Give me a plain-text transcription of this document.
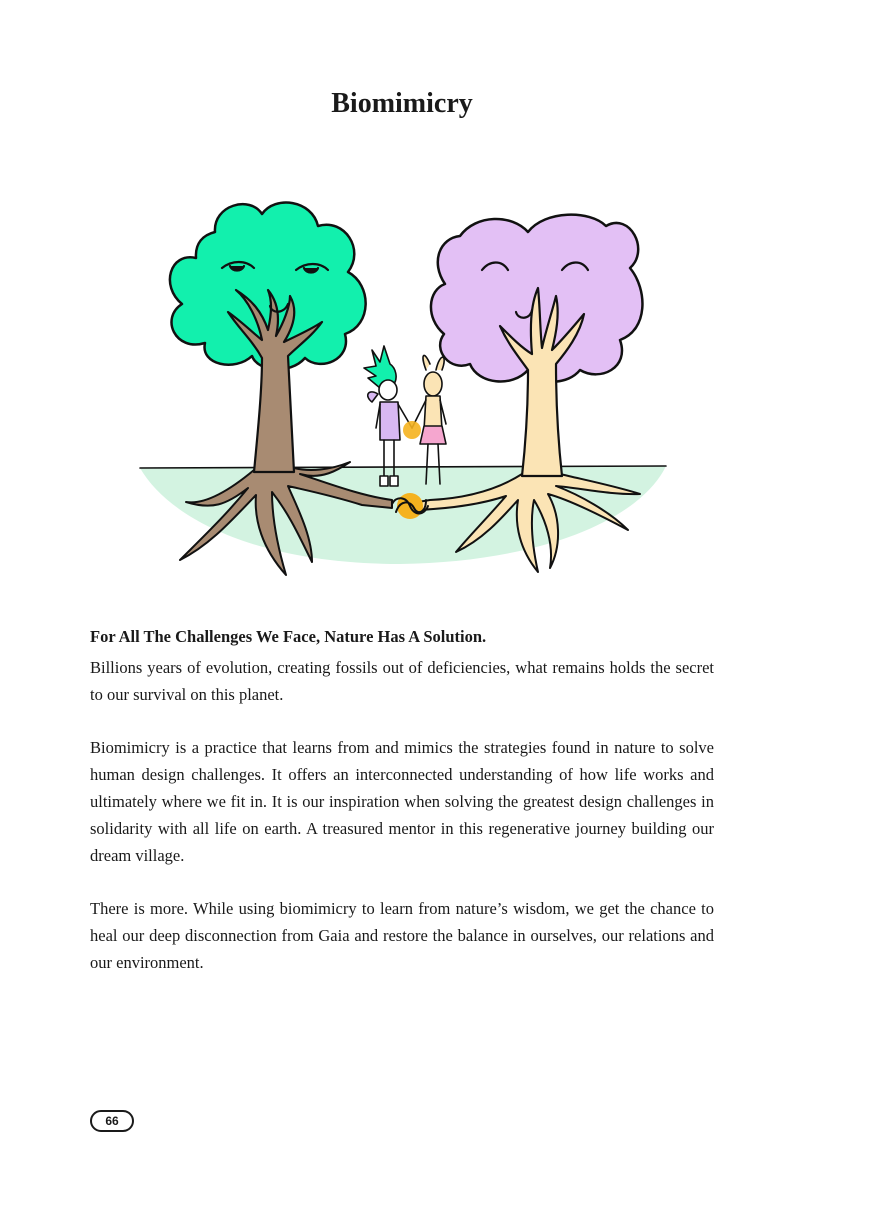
Biomimicry
For All The Challenges We Face, Nature Has A Solution.

Billions years of evolution, creating fossils out of deficiencies, what remains holds the secret to our survival on this planet.

Biomimicry is a practice that learns from and mimics the strategies found in nature to solve human design challenges. It offers an interconnected understanding of how life works and ultimately where we fit in. It is our inspiration when solving the greatest design challenges in solidarity with all life on earth. A treasured mentor in this regenerative journey building our dream village.

There is more. While using biomimicry to learn from nature’s wisdom, we get the chance to heal our deep disconnection from Gaia and restore the balance in ourselves, our relations and our environment.

66
